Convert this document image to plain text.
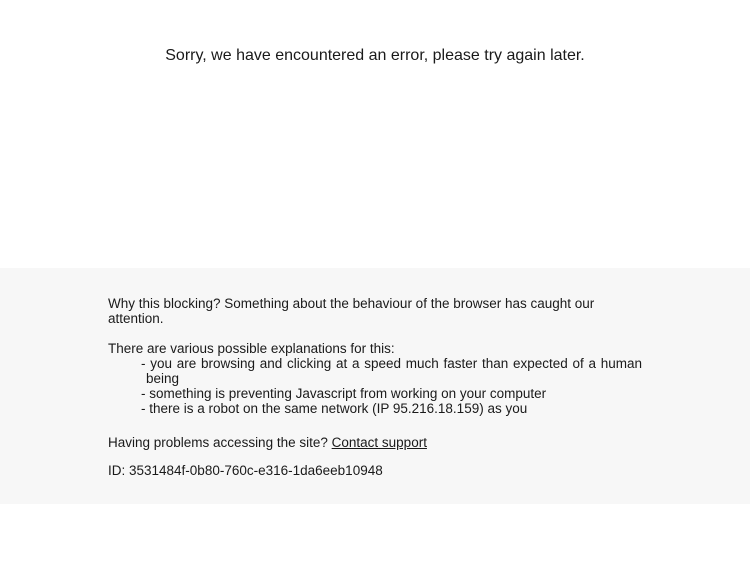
Sorry, we have encountered an error, please try again later.

Why this blocking? Something about the behaviour of the browser has caught our attention.

There are various possible explanations for this:

- you are browsing and clicking at a speed much faster than expected of a human being
- something is preventing Javascript from working on your computer
- there is a robot on the same network (IP 95.216.18.159) as you

Having problems accessing the site? Contact support

ID: 3531484f-0b80-760c-e316-1da6eeb10948
